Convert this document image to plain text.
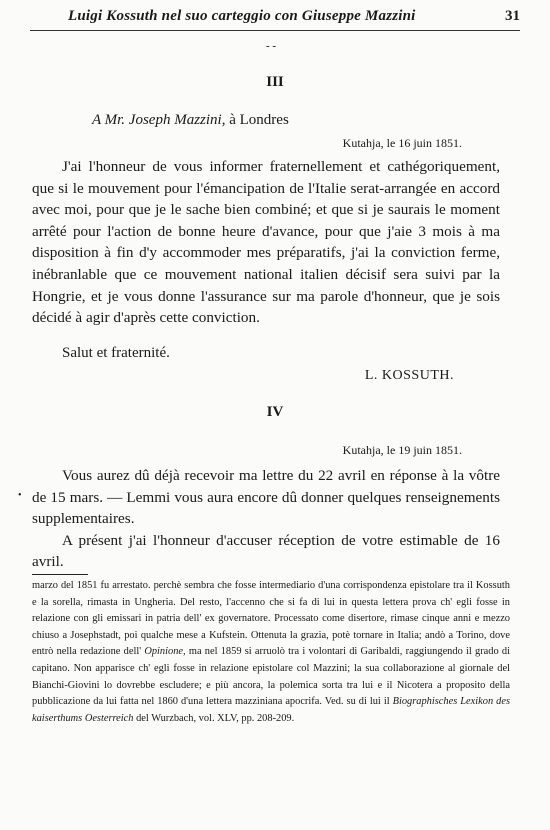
Luigi Kossuth nel suo carteggio con Giuseppe Mazzini	31
- -
III
A Mr. Joseph Mazzini, à Londres
Kutahja, le 16 juin 1851.

J'ai l'honneur de vous informer fraternellement et cathégoriquement, que si le mouvement pour l'émancipation de l'Italie serat-arrangée en accord avec moi, pour que je le sache bien combiné; et que si je saurais le moment arrêté pour l'action de bonne heure d'avance, pour que j'aie 3 mois à ma disposition à fin d'y accommoder mes préparatifs, j'ai la conviction ferme, inébranlable que ce mouvement national italien décisif sera suivi par la Hongrie, et je vous donne l'assurance sur ma parole d'honneur, que je sois décidé à agir d'après cette conviction.

Salut et fraternité.
L. KOSSUTH.
IV
Kutahja, le 19 juin 1851.

Vous aurez dû déjà recevoir ma lettre du 22 avril en réponse à la vôtre de 15 mars. — Lemmi vous aura encore dû donner quelques renseignements supplementaires.

A présent j'ai l'honneur d'accuser réception de votre estimable de 16 avril.

•
marzo del 1851 fu arrestato. perchè sembra che fosse intermediario d'una corrispondenza epistolare tra il Kossuth e la sorella, rimasta in Ungheria. Del resto, l'accenno che si fa di lui in questa lettera prova ch' egli fosse in relazione con gli emissari in patria dell' ex governatore. Processato come disertore, rimase cinque anni e mezzo chiuso a Josephstadt, poi qualche mese a Kufstein. Ottenuta la grazia, potè tornare in Italia; andò a Torino, dove entrò nella redazione dell' Opinione, ma nel 1859 si arruolò tra i volontari di Garibaldi, raggiungendo il grado di capitano. Non apparisce ch' egli fosse in relazione epistolare col Mazzini; la sua collaborazione al giornale del Bianchi-Giovini lo dovrebbe escludere; e più ancora, la polemica sorta tra lui e il Nicotera a proposito della pubblicazione da lui fatta nel 1860 d'una lettera mazziniana apocrifa. Ved. su di lui il Biographisches Lexikon des kaiserthums Oesterreich del Wurzbach, vol. XLV, pp. 208-209.
